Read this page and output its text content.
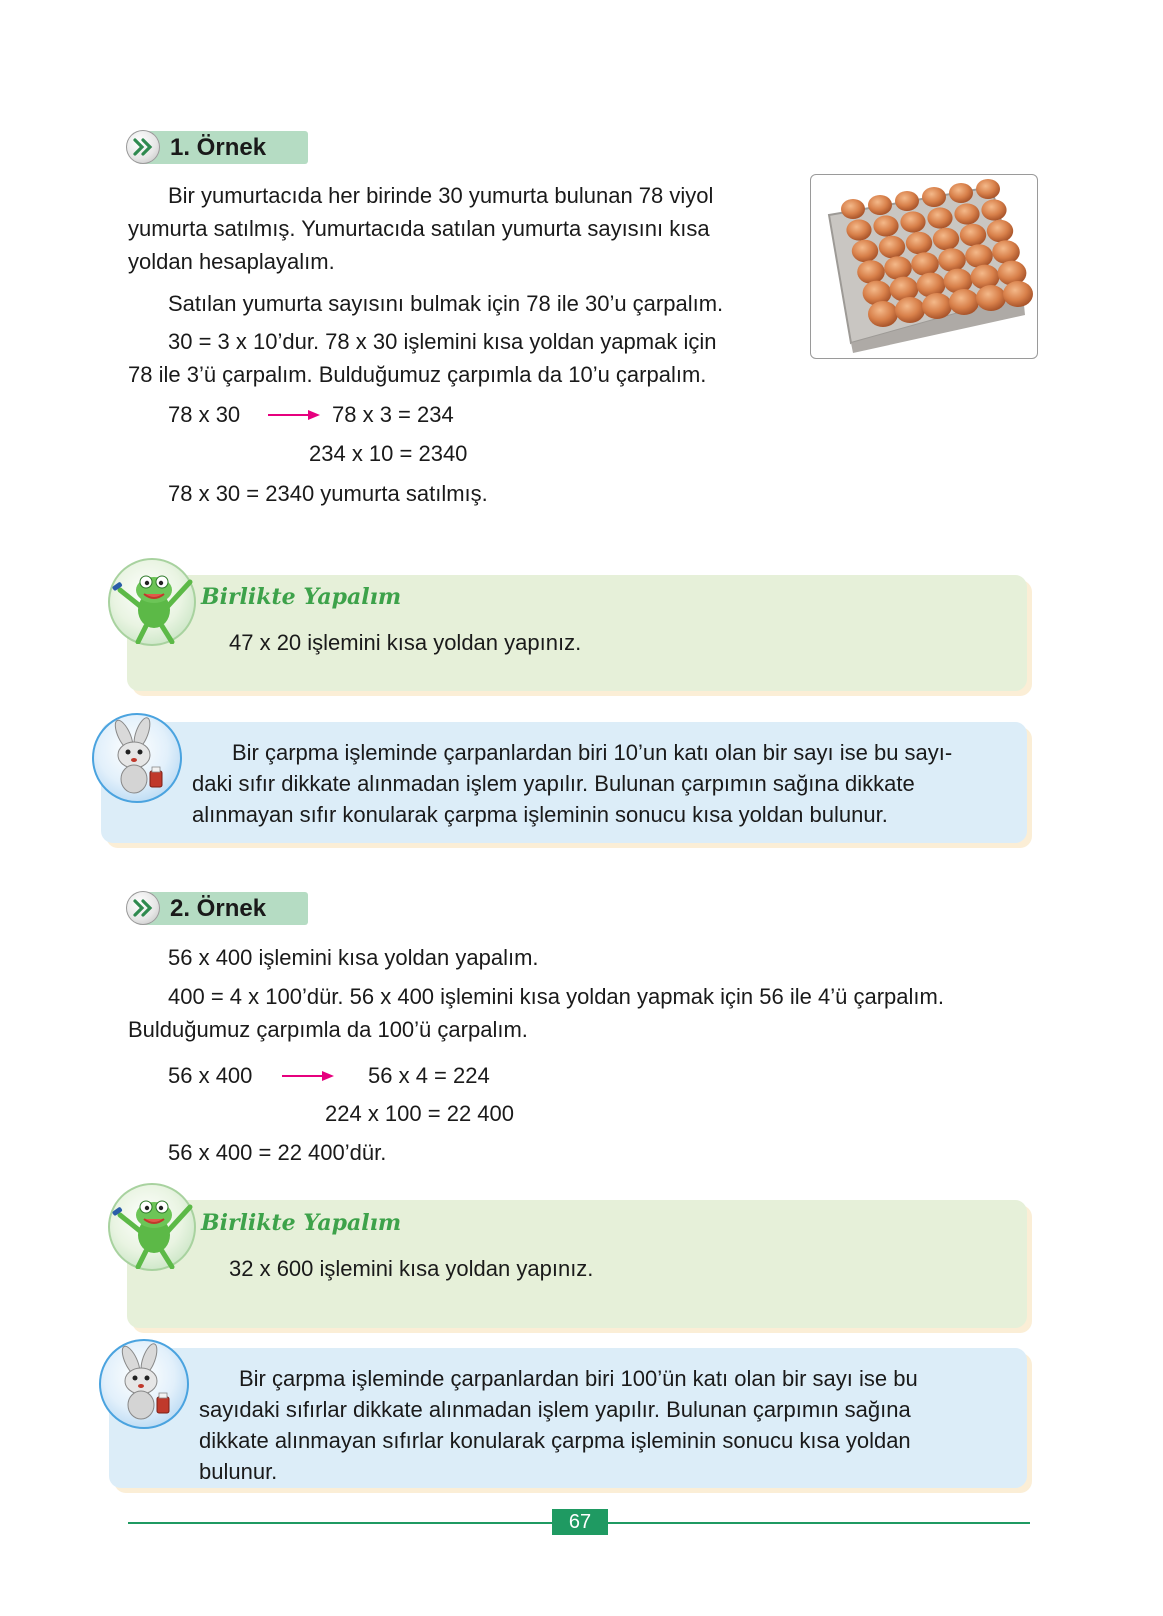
1. Örnek
Bir yumurtacıda her birinde 30 yumurta bulunan 78 viyol
yumurta satılmış. Yumurtacıda satılan yumurta sayısını kısa
yoldan hesaplayalım.
Satılan yumurta sayısını bulmak için 78 ile 30’u çarpalım.
30 = 3 x 10’dur. 78 x 30 işlemini kısa yoldan yapmak için
78 ile 3’ü çarpalım. Bulduğumuz çarpımla da 10’u çarpalım.
78 x 30	78 x 3 = 234
234 x 10 = 2340
78 x 30 = 2340 yumurta satılmış.
Birlikte Yapalım
47 x 20 işlemini kısa yoldan yapınız.
Bir çarpma işleminde çarpanlardan biri 10’un katı olan bir sayı ise bu sayı-
daki sıfır dikkate alınmadan işlem yapılır. Bulunan çarpımın sağına dikkate
alınmayan sıfır konularak çarpma işleminin sonucu kısa yoldan bulunur.
2. Örnek
56 x 400 işlemini kısa yoldan yapalım.
400 = 4 x 100’dür. 56 x 400 işlemini kısa yoldan yapmak için 56 ile 4’ü çarpalım.
Bulduğumuz çarpımla da 100’ü çarpalım.
56 x 400	56 x 4 = 224
224 x 100 = 22 400
56 x 400 = 22 400’dür.
Birlikte Yapalım
32 x 600 işlemini kısa yoldan yapınız.
Bir çarpma işleminde çarpanlardan biri 100’ün katı olan bir sayı ise bu
sayıdaki sıfırlar dikkate alınmadan işlem yapılır. Bulunan çarpımın sağına
dikkate alınmayan sıfırlar konularak çarpma işleminin sonucu kısa yoldan
bulunur.
67
